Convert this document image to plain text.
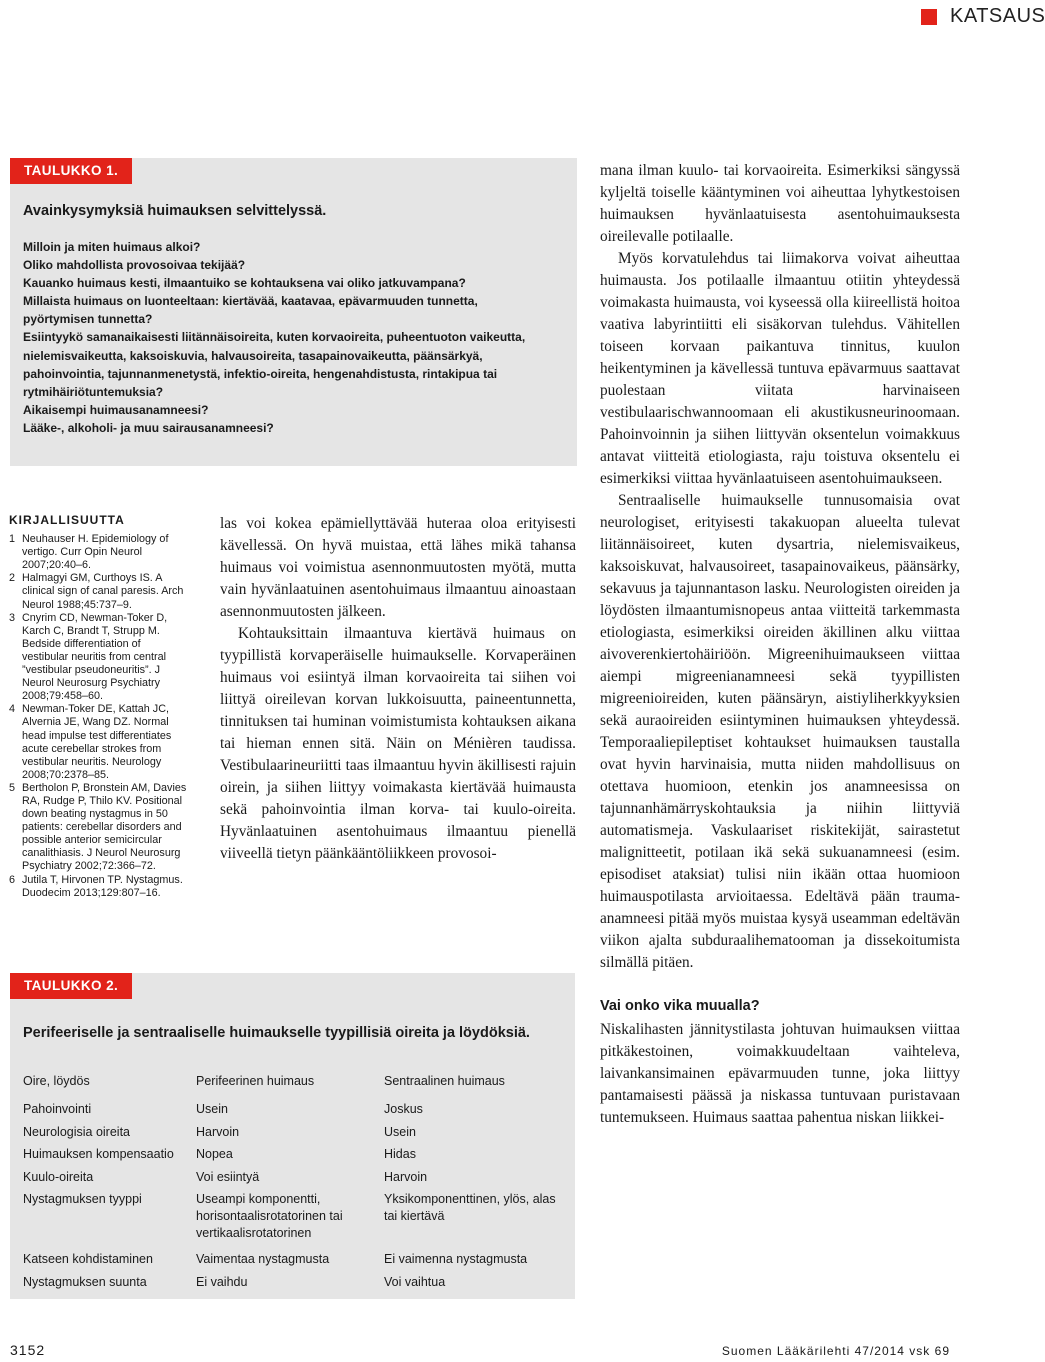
KATSAUS
TAULUKKO 1.
Avainkysymyksiä huimauksen selvittelyssä.
Milloin ja miten huimaus alkoi?
Oliko mahdollista provosoivaa tekijää?
Kauanko huimaus kesti, ilmaantuiko se kohtauksena vai oliko jatkuvampana?
Millaista huimaus on luonteeltaan: kiertävää, kaatavaa, epävarmuuden tunnetta, pyörtymisen tunnetta?
Esiintyykö samanaikaisesti liitännäisoireita, kuten korvaoireita, puheentuoton vaikeutta, nielemisvaikeutta, kaksoiskuvia, halvausoireita, tasapainovaikeutta, päänsärkyä, pahoinvointia, tajunnanmenetystä, infektio-oireita, hengenahdistusta, rintakipua tai rytmihäiriötuntemuksia?
Aikaisempi huimausanamneesi?
Lääke-, alkoholi- ja muu sairausanamneesi?
KIRJALLISUUTTA
1 Neuhauser H. Epidemiology of vertigo. Curr Opin Neurol 2007;20:40–6.
2 Halmagyi GM, Curthoys IS. A clinical sign of canal paresis. Arch Neurol 1988;45:737–9.
3 Cnyrim CD, Newman-Toker D, Karch C, Brandt T, Strupp M. Bedside differentiation of vestibular neuritis from central ”vestibular pseudoneuritis”. J Neurol Neurosurg Psychiatry 2008;79:458–60.
4 Newman-Toker DE, Kattah JC, Alvernia JE, Wang DZ. Normal head impulse test differentiates acute cerebellar strokes from vestibular neuritis. Neurology 2008;70:2378–85.
5 Bertholon P, Bronstein AM, Davies RA, Rudge P, Thilo KV. Positional down beating nystagmus in 50 patients: cerebellar disorders and possible anterior semicircular canalithiasis. J Neurol Neurosurg Psychiatry 2002;72:366–72.
6 Jutila T, Hirvonen TP. Nystagmus. Duodecim 2013;129:807–16.

las voi kokea epämiellyttävää huteraa oloa erityisesti kävellessä. On hyvä muistaa, että lähes mikä tahansa huimaus voi voimistua asennonmuutosten myötä, mutta vain hyvänlaatuinen asentohuimaus ilmaantuu ainoastaan asennonmuutosten jälkeen.

Kohtauksittain ilmaantuva kiertävä huimaus on tyypillistä korvaperäiselle huimaukselle. Korvaperäinen huimaus voi esiintyä ilman korvaoireita tai siihen voi liittyä oireilevan korvan lukkoisuutta, paineentunnetta, tinnituksen tai huminan voimistumista kohtauksen aikana tai hieman ennen sitä. Näin on Ménièren taudissa. Vestibulaarineuriitti taas ilmaantuu hyvin äkillisesti rajuin oirein, ja siihen liittyy voimakasta kiertävää huimausta sekä pahoinvointia ilman korva- tai kuulo-oireita. Hyvänlaatuinen asentohuimaus ilmaantuu pienellä viiveellä tietyn päänkääntöliikkeen provosoi-

TAULUKKO 2.
Perifeeriselle ja sentraaliselle huimaukselle tyypillisiä oireita ja löydöksiä.
Oire, löydös	Perifeerinen huimaus	Sentraalinen huimaus
Pahoinvointi	Usein	Joskus
Neurologisia oireita	Harvoin	Usein
Huimauksen kompensaatio	Nopea	Hidas
Kuulo-oireita	Voi esiintyä	Harvoin
Nystagmuksen tyyppi	Useampi komponentti, horisontaalisrotatorinen tai vertikaalisrotatorinen	Yksikomponenttinen, ylös, alas tai kiertävä
Katseen kohdistaminen	Vaimentaa nystagmusta	Ei vaimenna nystagmusta
Nystagmuksen suunta	Ei vaihdu	Voi vaihtua

mana ilman kuulo- tai korvaoireita. Esimerkiksi sängyssä kyljeltä toiselle kääntyminen voi aiheuttaa lyhytkestoisen huimauksen hyvänlaatuisesta asentohuimauksesta oireilevalle potilaalle.

Myös korvatulehdus tai liimakorva voivat aiheuttaa huimausta. Jos potilaalle ilmaantuu otiitin yhteydessä voimakasta huimausta, voi kyseessä olla kiireellistä hoitoa vaativa labyrintiitti eli sisäkorvan tulehdus. Vähitellen toiseen korvaan paikantuva tinnitus, kuulon heikentyminen ja kävellessä tuntuva epävarmuus saattavat puolestaan viitata harvinaiseen vestibulaarischwannoomaan eli akustikusneurinoomaan. Pahoinvoinnin ja siihen liittyvän oksentelun voimakkuus antavat viitteitä etiologiasta, raju toistuva oksentelu ei esimerkiksi viittaa hyvänlaatuiseen asentohuimaukseen.

Sentraaliselle huimaukselle tunnusomaisia ovat neurologiset, erityisesti takakuopan alueelta tulevat liitännäisoireet, kuten dysartria, nielemisvaikeus, kaksoiskuvat, halvausoireet, tasapainovaikeus, päänsärky, sekavuus ja tajunnantason lasku. Neurologisten oireiden ja löydösten ilmaantumisnopeus antaa viitteitä tarkemmasta etiologiasta, esimerkiksi oireiden äkillinen alku viittaa aivoverenkiertohäiriöön. Migreenihuimaukseen viittaa aiempi migreenianamneesi sekä tyypillisten migreenioireiden, kuten päänsäryn, aistiyliherkkyyksien sekä auraoireiden esiintyminen huimauksen yhteydessä. Temporaaliepileptiset kohtaukset huimauksen taustalla ovat hyvin harvinaisia, mutta niiden mahdollisuus on otettava huomioon, etenkin jos anamneesissa on tajunnanhämärryskohtauksia ja niihin liittyviä automatismeja. Vaskulaariset riskitekijät, sairastetut malignitteetit, potilaan ikä sekä sukuanamneesi (esim. episodiset ataksiat) tulisi niin ikään ottaa huomioon huimauspotilasta arvioitaessa. Edeltävä pään trauma-anamneesi pitää myös muistaa kysyä useamman edeltävän viikon ajalta subduraalihematooman ja dissekoitumista silmällä pitäen.

Vai onko vika muualla?

Niskalihasten jännitystilasta johtuvan huimauksen viittaa pitkäkestoinen, voimakkuudeltaan vaihteleva, laivankansimainen epävarmuuden tunne, joka liittyy pantamaisesti päässä ja niskassa tuntuvaan puristavaan tuntemukseen. Huimaus saattaa pahentua niskan liikkei-

3152	Suomen Lääkärilehti 47/2014 vsk 69
